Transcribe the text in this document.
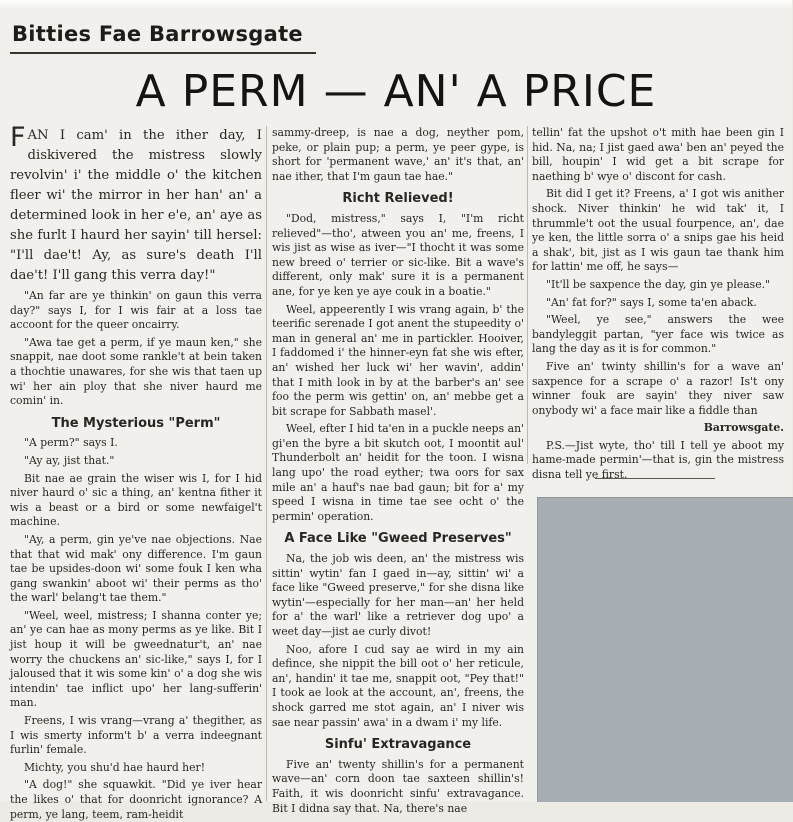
Bitties Fae Barrowsgate
A PERM — AN' A PRICE

FAN I cam' in the ither day, I diskivered the mistress slowly revolvin' i' the middle o' the kitchen fleer wi' the mirror in her han' an' a determined look in her e'e, an' aye as she furlt I haurd her sayin' till hersel: "I'll dae't! Ay, as sure's death I'll dae't! I'll gang this verra day!"

"An far are ye thinkin' on gaun this verra day?" says I, for I wis fair at a loss tae accoont for the queer oncairry.

"Awa tae get a perm, if ye maun ken," she snappit, nae doot some rankle't at bein taken a thochtie unawares, for she wis that taen up wi' her ain ploy that she niver haurd me comin' in.

The Mysterious "Perm"

"A perm?" says I.

"Ay ay, jist that."

Bit nae ae grain the wiser wis I, for I hid niver haurd o' sic a thing, an' kentna fither it wis a beast or a bird or some newfaigel't machine.

"Ay, a perm, gin ye've nae objections. Nae that that wid mak' ony difference. I'm gaun tae be upsides-doon wi' some fouk I ken wha gang swankin' aboot wi' their perms as tho' the warl' belang't tae them."

"Weel, weel, mistress; I shanna conter ye; an' ye can hae as mony perms as ye like. Bit I jist houp it will be gweednatur't, an' nae worry the chuckens an' sic-like," says I, for I jaloused that it wis some kin' o' a dog she wis intendin' tae inflict upo' her lang-sufferin' man.

Freens, I wis vrang—vrang a' thegither, as I wis smerty inform't b' a verra indeegnant furlin' female.

Michty, you shu'd hae haurd her!

"A dog!" she squawkit. "Did ye iver hear the likes o' that for doonricht ignorance? A perm, ye lang, teem, ram-heidit

sammy-dreep, is nae a dog, neyther pom, peke, or plain pup; a perm, ye peer gype, is short for 'permanent wave,' an' it's that, an' nae ither, that I'm gaun tae hae."

Richt Relieved!

"Dod, mistress," says I, "I'm richt relieved"—tho', atween you an' me, freens, I wis jist as wise as iver—"I thocht it was some new breed o' terrier or sic-like. Bit a wave's different, only mak' sure it is a permanent ane, for ye ken ye aye couk in a boatie."

Weel, appeerently I wis vrang again, b' the teerific serenade I got anent the stupeedity o' man in general an' me in partickler. Hooiver, I faddomed i' the hinner-eyn fat she wis efter, an' wished her luck wi' her wavin', addin' that I mith look in by at the barber's an' see foo the perm wis gettin' on, an' mebbe get a bit scrape for Sabbath masel'.

Weel, efter I hid ta'en in a puckle neeps an' gi'en the byre a bit skutch oot, I moontit aul' Thunderbolt an' heidit for the toon. I wisna lang upo' the road eyther; twa oors for sax mile an' a hauf's nae bad gaun; bit for a' my speed I wisna in time tae see ocht o' the permin' operation.

A Face Like "Gweed Preserves"

Na, the job wis deen, an' the mistress wis sittin' wytin' fan I gaed in—ay, sittin' wi' a face like "Gweed preserve," for she disna like wytin'—especially for her man—an' her held for a' the warl' like a retriever dog upo' a weet day—jist ae curly divot!

Noo, afore I cud say ae wird in my ain defince, she nippit the bill oot o' her reticule, an', handin' it tae me, snappit oot, "Pey that!" I took ae look at the account, an', freens, the shock garred me stot again, an' I niver wis sae near passin' awa' in a dwam i' my life.

Sinfu' Extravagance

Five an' twenty shillin's for a permanent wave—an' corn doon tae saxteen shillin's! Faith, it wis doonricht sinfu' extravagance. Bit I didna say that. Na, there's nae

tellin' fat the upshot o't mith hae been gin I hid. Na, na; I jist gaed awa' ben an' peyed the bill, houpin' I wid get a bit scrape for naething b' wye o' discont for cash.

Bit did I get it? Freens, a' I got wis anither shock. Niver thinkin' he wid tak' it, I thrummle't oot the usual fourpence, an', dae ye ken, the little sorra o' a snips gae his heid a shak', bit, jist as I wis gaun tae thank him for lattin' me off, he says—

"It'll be saxpence the day, gin ye please."

"An' fat for?" says I, some ta'en aback.

"Weel, ye see," answers the wee bandyleggit partan, "yer face wis twice as lang the day as it is for common."

Five an' twinty shillin's for a wave an' saxpence for a scrape o' a razor! Is't ony winner fouk are sayin' they niver saw onybody wi' a face mair like a fiddle than

Barrowsgate.

P.S.—Jist wyte, tho' till I tell ye aboot my hame-made permin'—that is, gin the mistress disna tell ye first.
